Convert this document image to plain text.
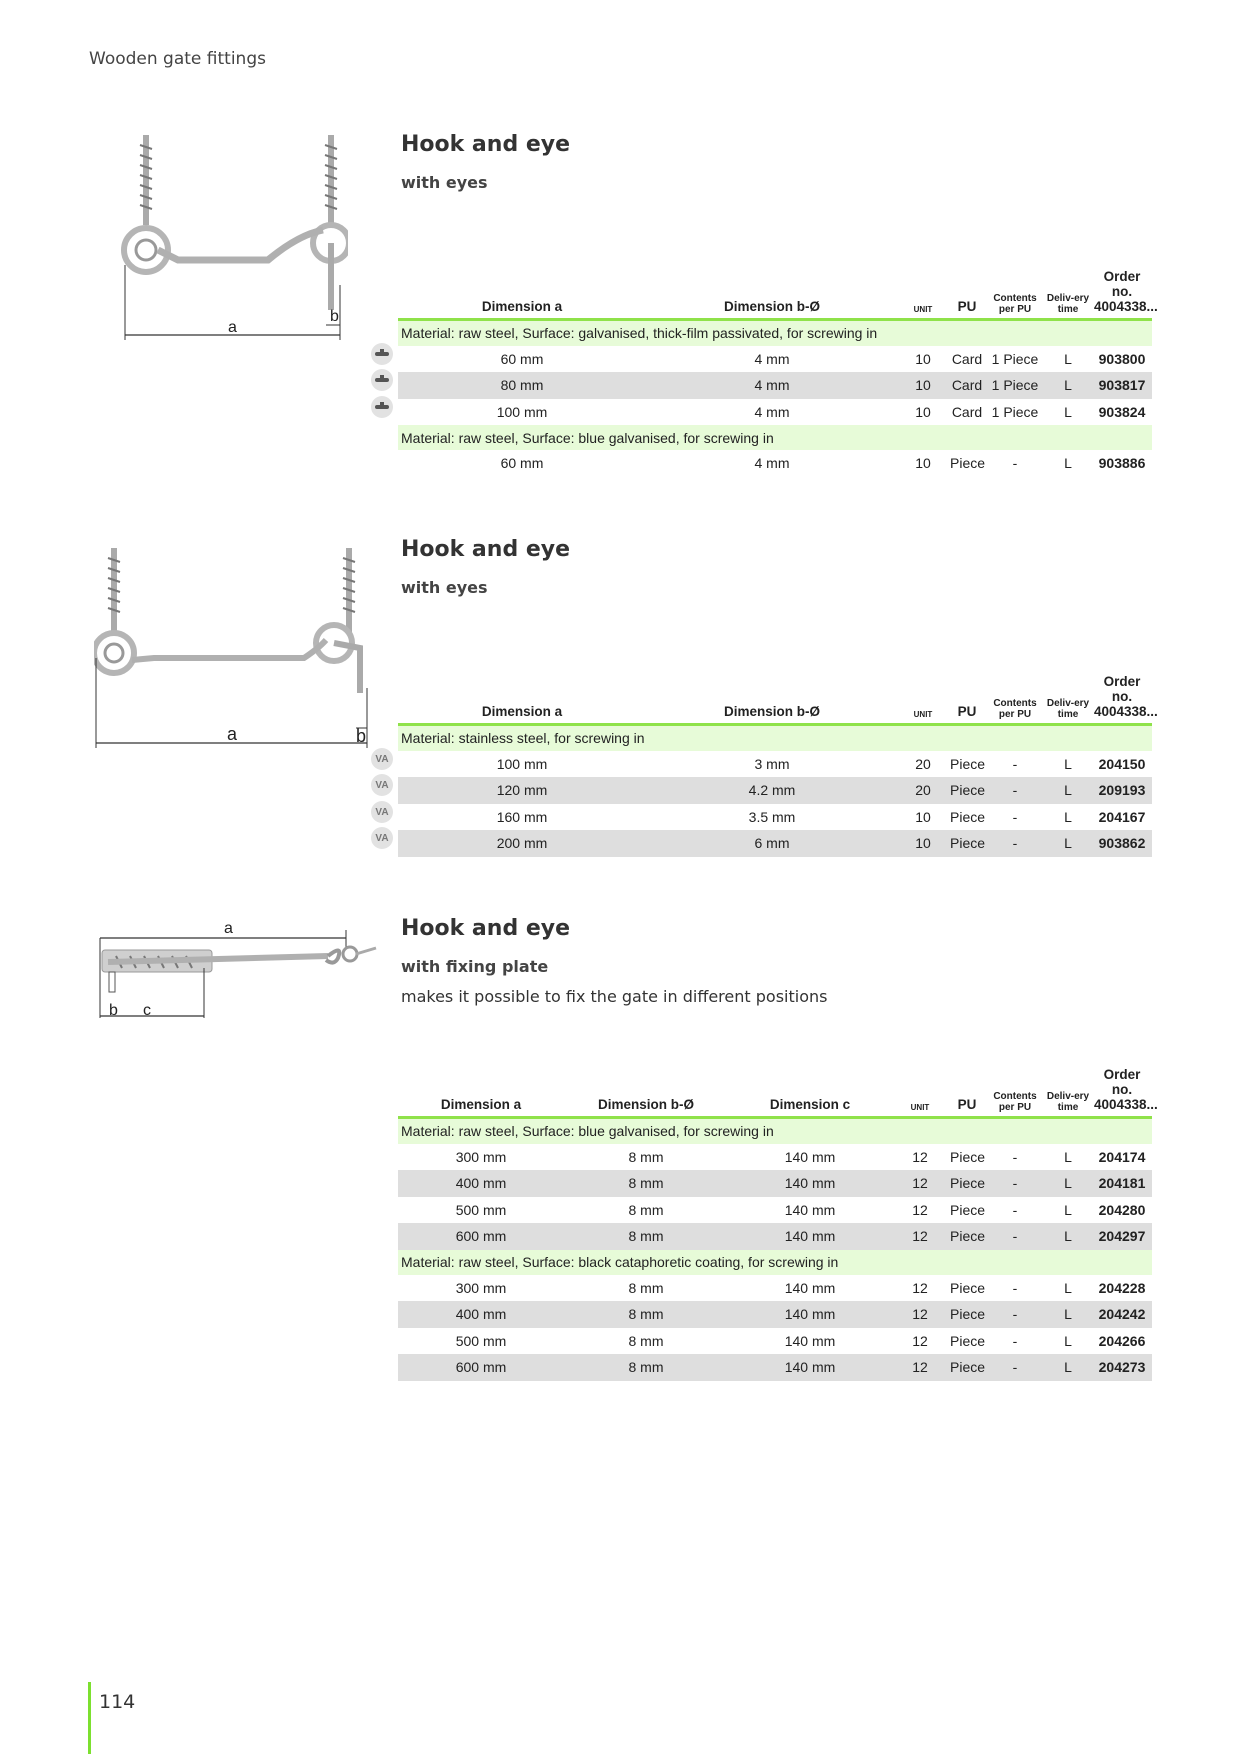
Wooden gate fittings
a
b
Hook and eye
with eyes
Dimension a	Dimension b-Ø	UNIT	PU	Contents per PU	Deliv-ery time	Order no. 4004338...
Material: raw steel, Surface: galvanised, thick-film passivated, for screwing in						
60 mm	4 mm	10	Card	1 Piece	L	903800
80 mm	4 mm	10	Card	1 Piece	L	903817
100 mm	4 mm	10	Card	1 Piece	L	903824
Material: raw steel, Surface: blue galvanised, for screwing in						
60 mm	4 mm	10	Piece	-	L	903886
a	b
Hook and eye
with eyes
Dimension a	Dimension b-Ø	UNIT	PU	Contents per PU	Deliv-ery time	Order no. 4004338...
Material: stainless steel, for screwing in						
100 mm	3 mm	20	Piece	-	L	204150
120 mm	4.2 mm	20	Piece	-	L	209193
160 mm	3.5 mm	10	Piece	-	L	204167
200 mm	6 mm	10	Piece	-	L	903862
VA
VA
VA
VA
a
b c
Hook and eye
with fixing plate
makes it possible to fix the gate in different positions
Dimension a	Dimension b-Ø	Dimension c	UNIT	PU	Contents per PU	Deliv-ery time	Order no. 4004338...
Material: raw steel, Surface: blue galvanised, for screwing in							
300 mm	8 mm	140 mm	12	Piece	-	L	204174
400 mm	8 mm	140 mm	12	Piece	-	L	204181
500 mm	8 mm	140 mm	12	Piece	-	L	204280
600 mm	8 mm	140 mm	12	Piece	-	L	204297
Material: raw steel, Surface: black cataphoretic coating, for screwing in							
300 mm	8 mm	140 mm	12	Piece	-	L	204228
400 mm	8 mm	140 mm	12	Piece	-	L	204242
500 mm	8 mm	140 mm	12	Piece	-	L	204266
600 mm	8 mm	140 mm	12	Piece	-	L	204273
114
